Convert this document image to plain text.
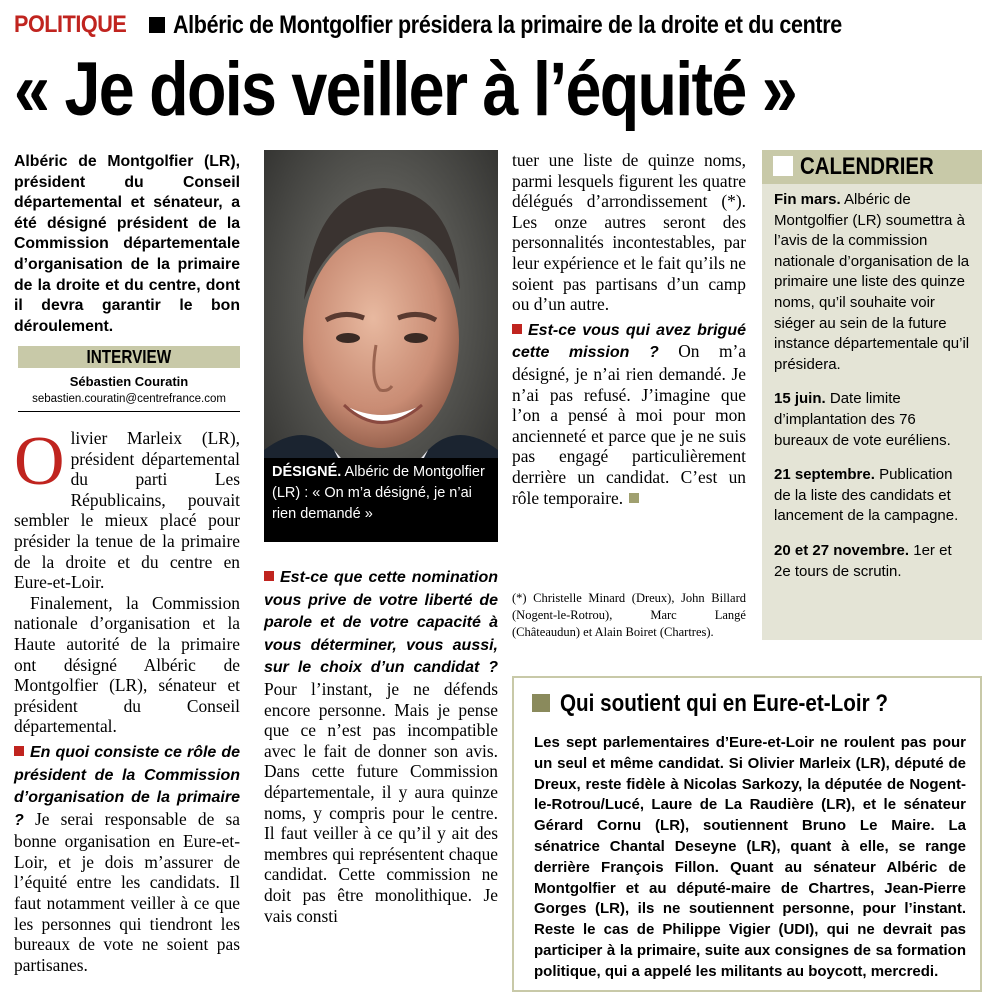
POLITIQUE Albéric de Montgolfier présidera la primaire de la droite et du centre
« Je dois veiller à l’équité »
Albéric de Montgolfier (LR), président du Conseil départemental et sénateur, a été désigné président de la Commission départementale d’organisation de la primaire de la droite et du centre, dont il devra garantir le bon déroulement.
INTERVIEW
Sébastien Couratin
sebastien.couratin@centrefrance.com

Olivier Marleix (LR), président départemental du parti Les Républicains, pouvait sembler le mieux placé pour présider la tenue de la primaire de la droite et du centre en Eure-et-Loir.

Finalement, la Commission nationale d’organisation et la Haute autorité de la primaire ont désigné Albéric de Montgolfier (LR), sénateur et président du Conseil départemental.

En quoi consiste ce rôle de président de la Commission d’organisation de la primaire ? Je serai responsable de sa bonne organisation en Eure-et-Loir, et je dois m’assurer de l’équité entre les candidats. Il faut notamment veiller à ce que les personnes qui tiendront les bureaux de vote ne soient pas partisanes.

DÉSIGNÉ. Albéric de Montgolfier (LR) : « On m’a désigné, je n’ai rien demandé »

Est-ce que cette nomination vous prive de votre liberté de parole et de votre capacité à vous déterminer, vous aussi, sur le choix d’un candidat ? Pour l’instant, je ne défends encore personne. Mais je pense que ce n’est pas incompatible avec le fait de donner son avis. Dans cette future Commission départementale, il y aura quinze noms, y compris pour le centre. Il faut veiller à ce qu’il y ait des membres qui représentent chaque candidat. Cette commission ne doit pas être monolithique. Je vais consti

tuer une liste de quinze noms, parmi lesquels figurent les quatre délégués d’arrondissement (*). Les onze autres seront des personnalités incontestables, par leur expérience et le fait qu’ils ne soient pas partisans d’un camp ou d’un autre.

Est-ce vous qui avez brigué cette mission ? On m’a désigné, je n’ai rien demandé. Je n’ai pas refusé. J’imagine que l’on a pensé à moi pour mon ancienneté et parce que je ne suis pas engagé particulièrement derrière un candidat. C’est un rôle temporaire.

(*) Christelle Minard (Dreux), John Billard (Nogent-le-Rotrou), Marc Langé (Châteaudun) et Alain Boiret (Chartres).
CALENDRIER

Fin mars. Albéric de Montgolfier (LR) soumettra à l’avis de la commission nationale d’organisation de la primaire une liste des quinze noms, qu’il souhaite voir siéger au sein de la future instance départementale qu’il présidera.

15 juin. Date limite d’implantation des 76 bureaux de vote euréliens.

21 septembre. Publication de la liste des candidats et lancement de la campagne.

20 et 27 novembre. 1er et 2e tours de scrutin.

Qui soutient qui en Eure-et-Loir ?
Les sept parlementaires d’Eure-et-Loir ne roulent pas pour un seul et même candidat. Si Olivier Marleix (LR), député de Dreux, reste fidèle à Nicolas Sarkozy, la députée de Nogent-le-Rotrou/Lucé, Laure de La Raudière (LR), et le sénateur Gérard Cornu (LR), soutiennent Bruno Le Maire. La sénatrice Chantal Deseyne (LR), quant à elle, se range derrière François Fillon. Quant au sénateur Albéric de Montgolfier et au député-maire de Chartres, Jean-Pierre Gorges (LR), ils ne soutiennent personne, pour l’instant. Reste le cas de Philippe Vigier (UDI), qui ne devrait pas participer à la primaire, suite aux consignes de sa formation politique, qui a appelé les militants au boycott, mercredi.
